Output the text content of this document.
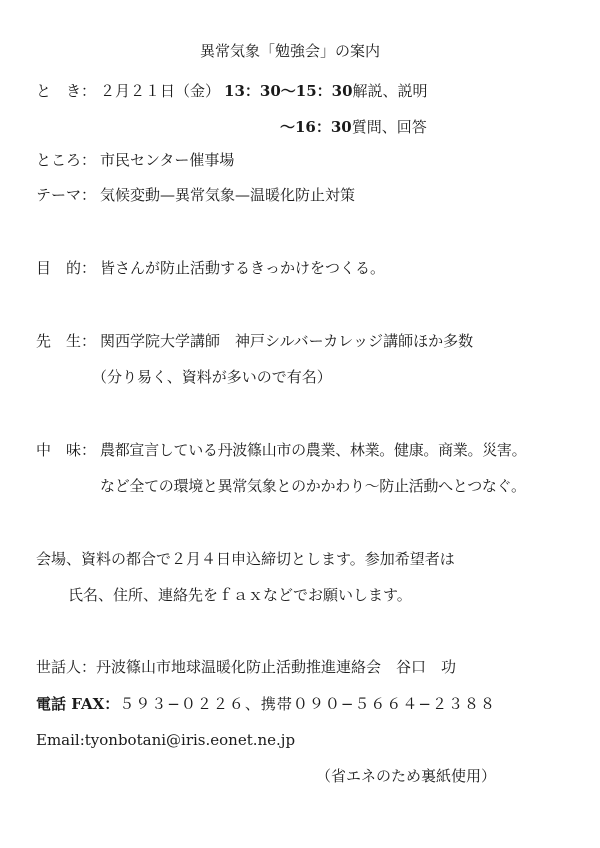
異常気象「勉強会」の案内
と　き： ２月２１日（金） 13：30〜15：30解説、説明
〜16：30質問、回答
ところ： 市民センター催事場
テーマ： 気候変動—異常気象—温暖化防止対策
目　的： 皆さんが防止活動するきっかけをつくる。
先　生： 関西学院大学講師　神戸シルバーカレッジ講師ほか多数
（分り易く、資料が多いので有名）
中　味： 農都宣言している丹波篠山市の農業、林業。健康。商業。災害。
など全ての環境と異常気象とのかかわり〜防止活動へとつなぐ。
会場、資料の都合で２月４日申込締切とします。参加希望者は
氏名、住所、連絡先をｆａｘなどでお願いします。
世話人：丹波篠山市地球温暖化防止活動推進連絡会　谷口　功
電話 FAX：５９３−０２２６、携帯０９０−５６６４−２３８８
Email:tyonbotani@iris.eonet.ne.jp
（省エネのため裏紙使用）
